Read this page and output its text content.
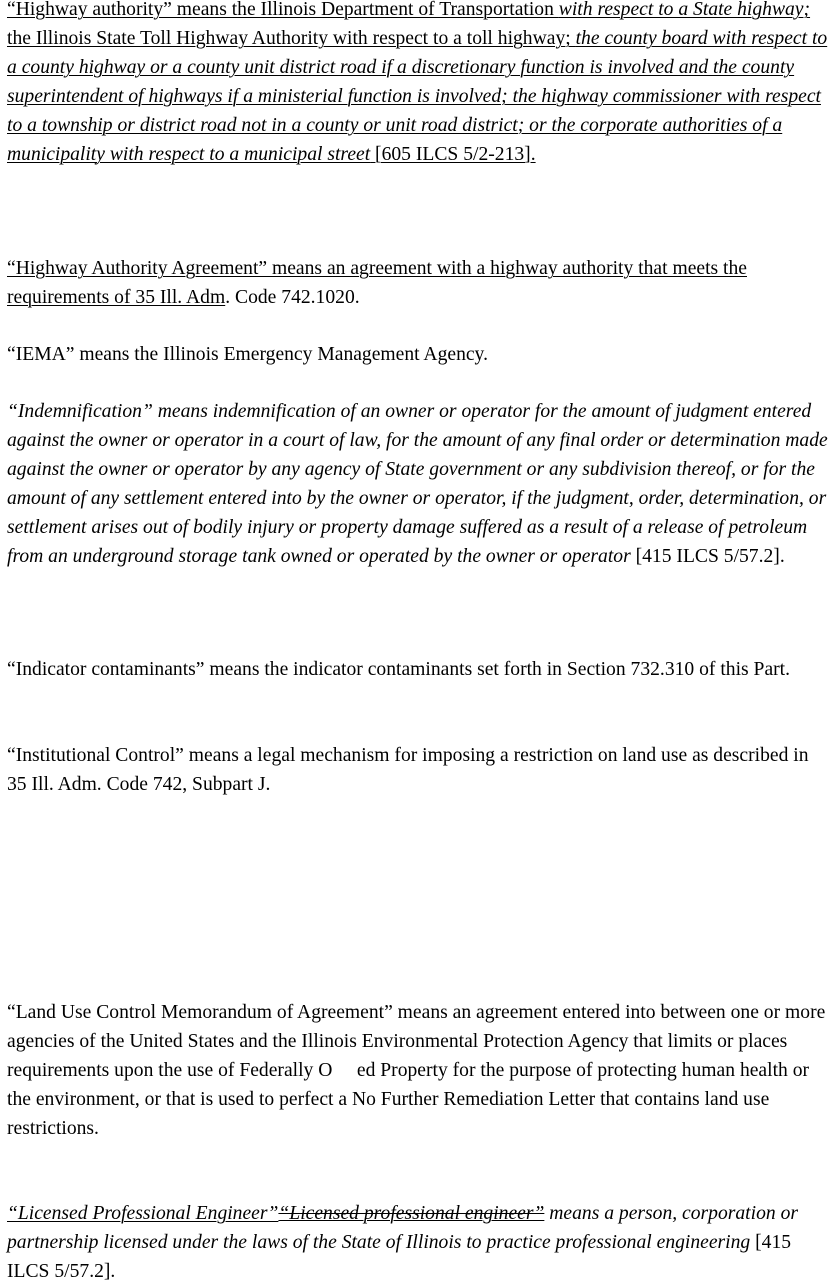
“Highway authority” means the Illinois Department of Transportation with respect to a State highway; the Illinois State Toll Highway Authority with respect to a toll highway; the county board with respect to a county highway or a county unit district road if a discretionary function is involved and the county superintendent of highways if a ministerial function is involved; the highway commissioner with respect to a township or district road not in a county or unit road district; or the corporate authorities of a municipality with respect to a municipal street [605 ILCS 5/2-213].

“Highway Authority Agreement” means an agreement with a highway authority that meets the requirements of 35 Ill. Adm. Code 742.1020.

“IEMA” means the Illinois Emergency Management Agency.

“Indemnification” means indemnification of an owner or operator for the amount of judgment entered against the owner or operator in a court of law, for the amount of any final order or determination made against the owner or operator by any agency of State government or any subdivision thereof, or for the amount of any settlement entered into by the owner or operator, if the judgment, order, determination, or settlement arises out of bodily injury or property damage suffered as a result of a release of petroleum from an underground storage tank owned or operated by the owner or operator [415 ILCS 5/57.2].

“Indicator contaminants” means the indicator contaminants set forth in Section 732.310 of this Part.

“Institutional Control” means a legal mechanism for imposing a restriction on land use as described in 35 Ill. Adm. Code 742, Subpart J.

“Land Use Control Memorandum of Agreement” means an agreement entered into between one or more agencies of the United States and the Illinois Environmental Protection Agency that limits or places requirements upon the use of Federally O     ed Property for the purpose of protecting human health or the environment, or that is used to perfect a No Further Remediation Letter that contains land use restrictions.

“Licensed Professional Engineer”“Licensed professional engineer” means a person, corporation or partnership licensed under the laws of the State of Illinois to practice professional engineering [415 ILCS 5/57.2].
